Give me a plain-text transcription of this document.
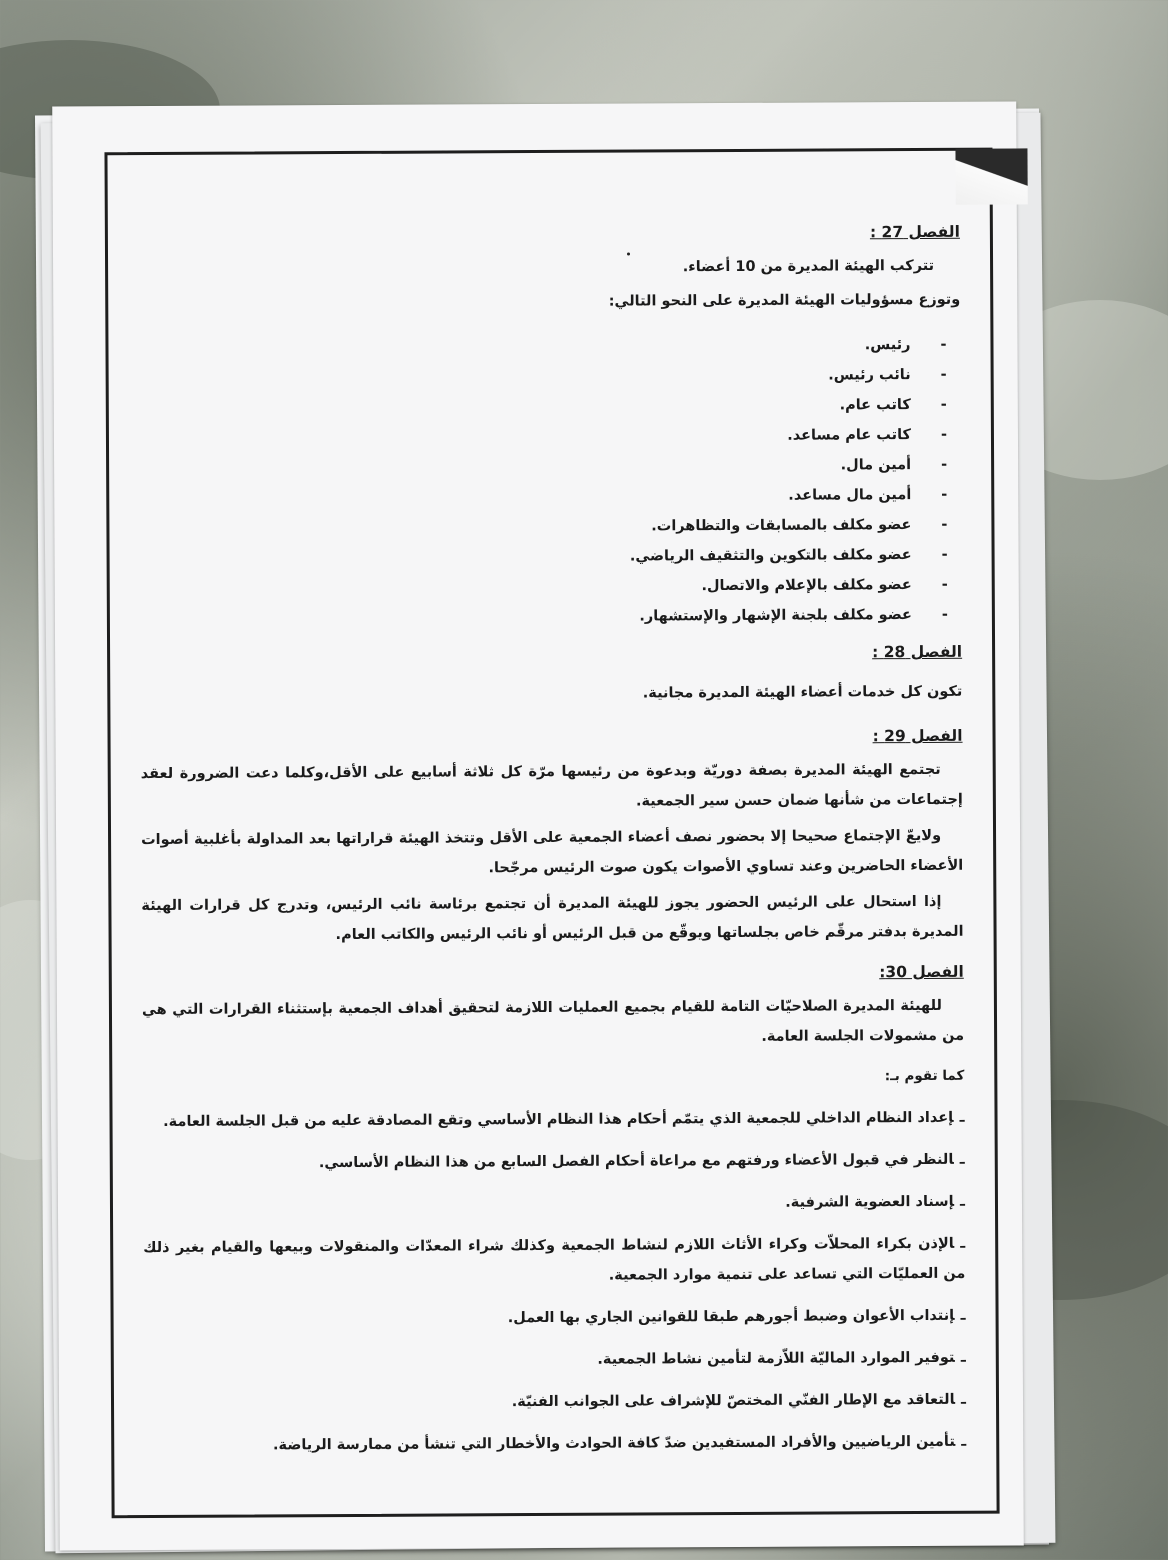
الفصل 27 :
تتركب الهيئة المديرة من 10 أعضاء.
وتوزع مسؤوليات الهيئة المديرة على النحو التالي:
- رئيس.
- نائب رئيس.
- كاتب عام.
- كاتب عام مساعد.
- أمين مال.
- أمين مال مساعد.
- عضو مكلف بالمسابقات والتظاهرات.
- عضو مكلف بالتكوين والتثقيف الرياضي.
- عضو مكلف بالإعلام والاتصال.
- عضو مكلف بلجنة الإشهار والإستشهار.
الفصل 28 :
تكون كل خدمات أعضاء الهيئة المديرة مجانية.
الفصل 29 :
تجتمع الهيئة المديرة بصفة دوريّة وبدعوة من رئيسها مرّة كل ثلاثة أسابيع على الأقل،وكلما دعت الضرورة لعقد إجتماعات من شأنها ضمان حسن سير الجمعية.
ولايعّ الإجتماع صحيحا إلا بحضور نصف أعضاء الجمعية على الأقل وتتخذ الهيئة قراراتها بعد المداولة بأغلبية أصوات الأعضاء الحاضرين وعند تساوي الأصوات يكون صوت الرئيس مرجّحا.
إذا استحال على الرئيس الحضور يجوز للهيئة المديرة أن تجتمع برئاسة نائب الرئيس، وتدرج كل قرارات الهيئة المديرة بدفتر مرقّم خاص بجلساتها ويوقّع من قبل الرئيس أو نائب الرئيس والكاتب العام.
الفصل 30:
للهيئة المديرة الصلاحيّات التامة للقيام بجميع العمليات اللازمة لتحقيق أهداف الجمعية بإستثناء القرارات التي هي من مشمولات الجلسة العامة.
كما تقوم بـ:
ـإعداد النظام الداخلي للجمعية الذي يتمّم أحكام هذا النظام الأساسي وتقع المصادقة عليه من قبل الجلسة العامة.
ـالنظر في قبول الأعضاء ورفتهم مع مراعاة أحكام الفصل السابع من هذا النظام الأساسي.
ـإسناد العضوية الشرفية.
ـالإذن بكراء المحلاّت وكراء الأثاث اللازم لنشاط الجمعية وكذلك شراء المعدّات والمنقولات وبيعها والقيام بغير ذلك من العمليّات التي تساعد على تنمية موارد الجمعية.
ـإنتداب الأعوان وضبط أجورهم طبقا للقوانين الجاري بها العمل.
ـتوفير الموارد الماليّة اللاّزمة لتأمين نشاط الجمعية.
ـالتعاقد مع الإطار الفنّي المختصّ للإشراف على الجوانب الفنيّة.
ـتأمين الرياضيين والأفراد المستفيدين ضدّ كافة الحوادث والأخطار التي تنشأ من ممارسة الرياضة.
